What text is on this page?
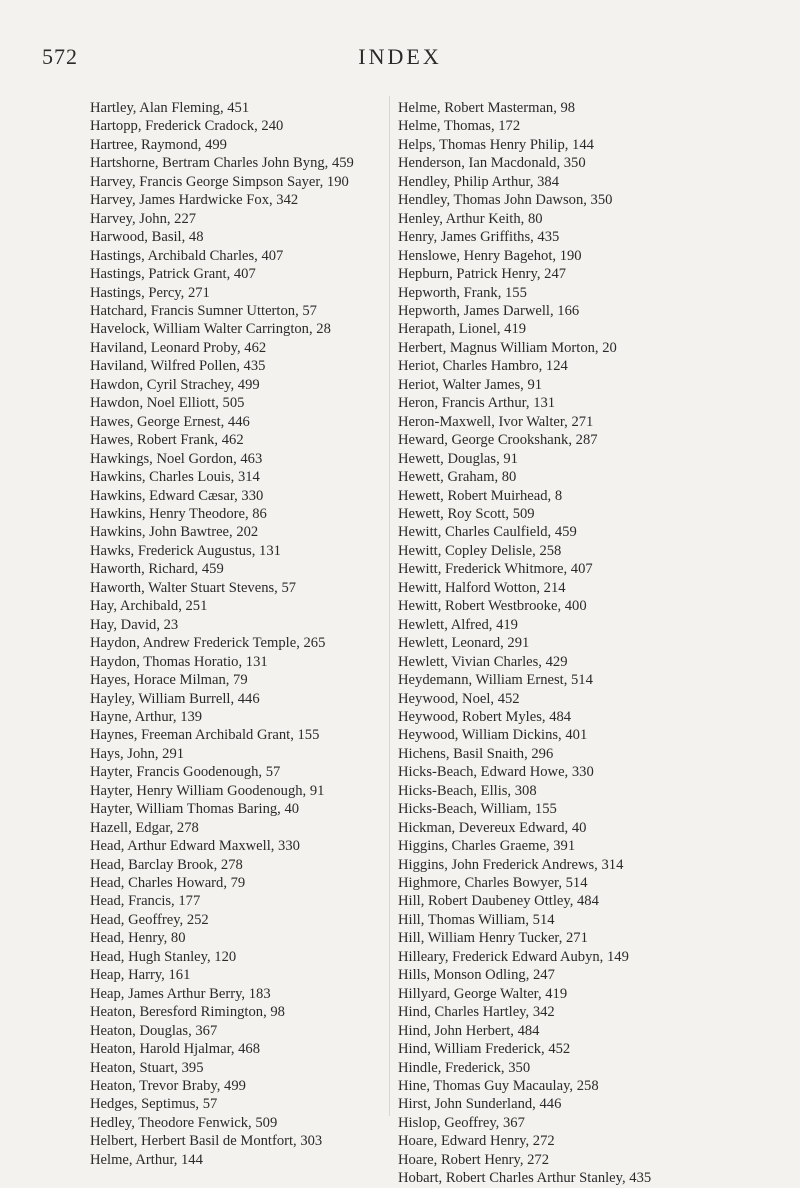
572	INDEX
Hartley, Alan Fleming, 451
Hartopp, Frederick Cradock, 240
Hartree, Raymond, 499
Hartshorne, Bertram Charles John Byng, 459
Harvey, Francis George Simpson Sayer, 190
Harvey, James Hardwicke Fox, 342
Harvey, John, 227
Harwood, Basil, 48
Hastings, Archibald Charles, 407
Hastings, Patrick Grant, 407
Hastings, Percy, 271
Hatchard, Francis Sumner Utterton, 57
Havelock, William Walter Carrington, 28
Haviland, Leonard Proby, 462
Haviland, Wilfred Pollen, 435
Hawdon, Cyril Strachey, 499
Hawdon, Noel Elliott, 505
Hawes, George Ernest, 446
Hawes, Robert Frank, 462
Hawkings, Noel Gordon, 463
Hawkins, Charles Louis, 314
Hawkins, Edward Cæsar, 330
Hawkins, Henry Theodore, 86
Hawkins, John Bawtree, 202
Hawks, Frederick Augustus, 131
Haworth, Richard, 459
Haworth, Walter Stuart Stevens, 57
Hay, Archibald, 251
Hay, David, 23
Haydon, Andrew Frederick Temple, 265
Haydon, Thomas Horatio, 131
Hayes, Horace Milman, 79
Hayley, William Burrell, 446
Hayne, Arthur, 139
Haynes, Freeman Archibald Grant, 155
Hays, John, 291
Hayter, Francis Goodenough, 57
Hayter, Henry William Goodenough, 91
Hayter, William Thomas Baring, 40
Hazell, Edgar, 278
Head, Arthur Edward Maxwell, 330
Head, Barclay Brook, 278
Head, Charles Howard, 79
Head, Francis, 177
Head, Geoffrey, 252
Head, Henry, 80
Head, Hugh Stanley, 120
Heap, Harry, 161
Heap, James Arthur Berry, 183
Heaton, Beresford Rimington, 98
Heaton, Douglas, 367
Heaton, Harold Hjalmar, 468
Heaton, Stuart, 395
Heaton, Trevor Braby, 499
Hedges, Septimus, 57
Hedley, Theodore Fenwick, 509
Helbert, Herbert Basil de Montfort, 303
Helme, Arthur, 144
Helme, Robert Masterman, 98
Helme, Thomas, 172
Helps, Thomas Henry Philip, 144
Henderson, Ian Macdonald, 350
Hendley, Philip Arthur, 384
Hendley, Thomas John Dawson, 350
Henley, Arthur Keith, 80
Henry, James Griffiths, 435
Henslowe, Henry Bagehot, 190
Hepburn, Patrick Henry, 247
Hepworth, Frank, 155
Hepworth, James Darwell, 166
Herapath, Lionel, 419
Herbert, Magnus William Morton, 20
Heriot, Charles Hambro, 124
Heriot, Walter James, 91
Heron, Francis Arthur, 131
Heron-Maxwell, Ivor Walter, 271
Heward, George Crookshank, 287
Hewett, Douglas, 91
Hewett, Graham, 80
Hewett, Robert Muirhead, 8
Hewett, Roy Scott, 509
Hewitt, Charles Caulfield, 459
Hewitt, Copley Delisle, 258
Hewitt, Frederick Whitmore, 407
Hewitt, Halford Wotton, 214
Hewitt, Robert Westbrooke, 400
Hewlett, Alfred, 419
Hewlett, Leonard, 291
Hewlett, Vivian Charles, 429
Heydemann, William Ernest, 514
Heywood, Noel, 452
Heywood, Robert Myles, 484
Heywood, William Dickins, 401
Hichens, Basil Snaith, 296
Hicks-Beach, Edward Howe, 330
Hicks-Beach, Ellis, 308
Hicks-Beach, William, 155
Hickman, Devereux Edward, 40
Higgins, Charles Graeme, 391
Higgins, John Frederick Andrews, 314
Highmore, Charles Bowyer, 514
Hill, Robert Daubeney Ottley, 484
Hill, Thomas William, 514
Hill, William Henry Tucker, 271
Hilleary, Frederick Edward Aubyn, 149
Hills, Monson Odling, 247
Hillyard, George Walter, 419
Hind, Charles Hartley, 342
Hind, John Herbert, 484
Hind, William Frederick, 452
Hindle, Frederick, 350
Hine, Thomas Guy Macaulay, 258
Hirst, John Sunderland, 446
Hislop, Geoffrey, 367
Hoare, Edward Henry, 272
Hoare, Robert Henry, 272
Hobart, Robert Charles Arthur Stanley, 435
